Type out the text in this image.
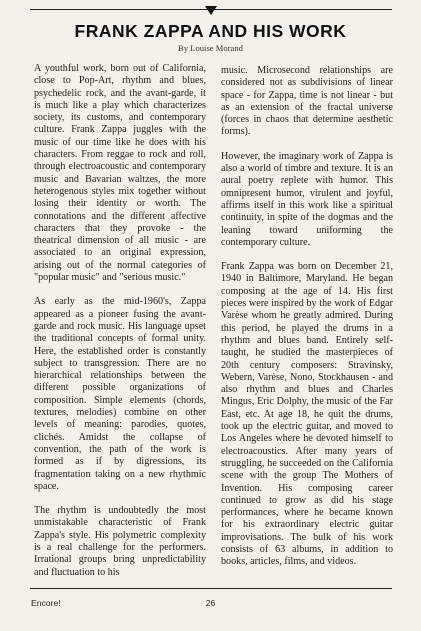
FRANK ZAPPA AND HIS WORK
By Louise Morand

A youthful work, born out of California, close to Pop-Art, rhythm and blues, psychedelic rock, and the avant-garde, it is much like a play which characterizes society, its customs, and contemporary culture. Frank Zappa juggles with the music of our time like he does with his characters. From reggae to rock and roll, through electroacoustic and contemporary music and Bavarian waltzes, the more heterogenous styles mix together without losing their identity or worth. The connotations and the different affective characters that they provoke - the theatrical dimension of all music - are associated to an original expression, arising out of the normal categories of "popular music" and "serious music."

As early as the mid-1960's, Zappa appeared as a pioneer fusing the avant-garde and rock music. His language upset the traditional concepts of formal unity. Here, the established order is constantly subject to transgression. There are no hierarchical relationships between the different possible organizations of composition. Simple elements (chords, textures, melodies) combine on other levels of meaning: parodies, quotes, clichés. Amidst the collapse of convention, the path of the work is formed as if by digressions, its fragmentation taking on a new rhythmic space.

The rhythm is undoubtedly the most unmistakable characteristic of Frank Zappa's style. His polymetric complexity is a real challenge for the performers. Irrational groups bring unpredictability and fluctuation to his

music. Microsecond relationships are considered not as subdivisions of linear space - for Zappa, time is not linear - but as an extension of the fractal universe (forces in chaos that determine aesthetic forms).

However, the imaginary work of Zappa is also a world of timbre and texture. It is an aural poetry replete with humor. This omnipresent humor, virulent and joyful, affirms itself in this work like a spiritual continuity, in spite of the dogmas and the leaning toward uniforming the contemporary culture.

Frank Zappa was born on December 21, 1940 in Baltimore, Maryland. He began composing at the age of 14. His first pieces were inspired by the work of Edgar Varèse whom he greatly admired. During this period, he played the drums in a rhythm and blues band. Entirely self-taught, he studied the masterpieces of 20th century composers: Stravinsky, Webern, Varèse, Nono, Stockhausen - and also rhythm and blues and Charles Mingus, Eric Dolphy, the music of the Far East, etc. At age 18, he quit the drums, took up the electric guitar, and moved to Los Angeles where he devoted himself to electroacoustics. After many years of struggling, he succeeded on the California scene with the group The Mothers of Invention. His composing career continued to grow as did his stage performances, where he became known for his extraordinary electric guitar improvisations. The bulk of his work consists of 63 albums, in addition to books, articles, films, and videos.

Encore!	26
